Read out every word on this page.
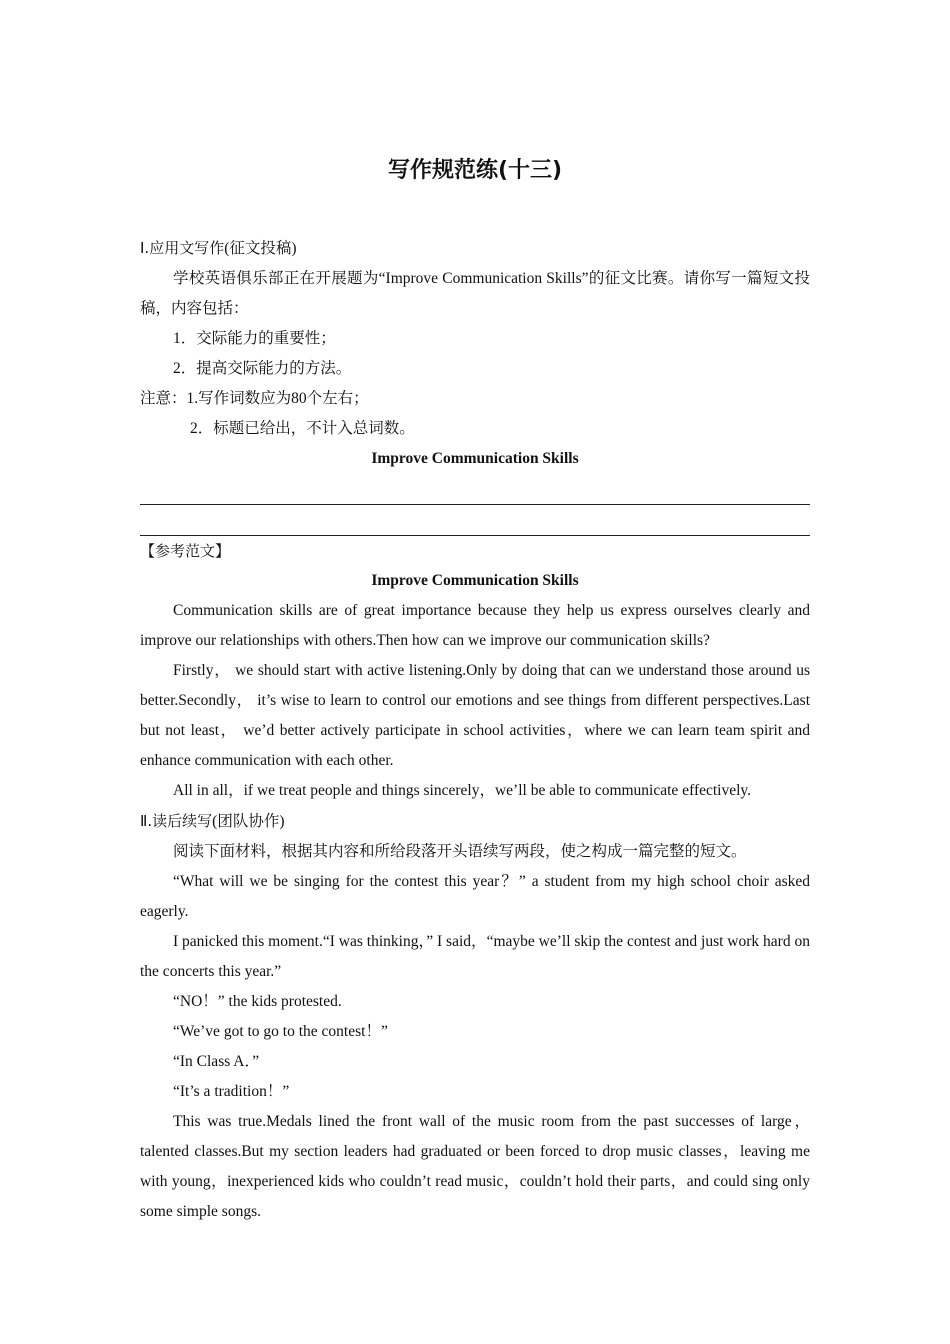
写作规范练(十三)

Ⅰ.应用文写作(征文投稿)

学校英语俱乐部正在开展题为“Improve Communication Skills”的征文比赛。请你写一篇短文投稿，内容包括：

1．交际能力的重要性；

2．提高交际能力的方法。

注意：1.写作词数应为80个左右；

2．标题已给出，不计入总词数。

Improve Communication Skills

【参考范文】

Improve Communication Skills

Communication skills are of great importance because they help us express ourselves clearly and improve our relationships with others.Then how can we improve our communication skills?

Firstly， we should start with active listening.Only by doing that can we understand those around us better.Secondly， it’s wise to learn to control our emotions and see things from different perspectives.Last but not least， we’d better actively participate in school activities，where we can learn team spirit and enhance communication with each other.

All in all，if we treat people and things sincerely，we’ll be able to communicate effectively.

Ⅱ.读后续写(团队协作)

阅读下面材料，根据其内容和所给段落开头语续写两段，使之构成一篇完整的短文。

“What will we be singing for the contest this year？” a student from my high school choir asked eagerly.

I panicked this moment.“I was thinking，” I said，“maybe we’ll skip the contest and just work hard on the concerts this year.”

“NO！” the kids protested.

“We’ve got to go to the contest！”

“In Class A．”

“It’s a tradition！”

This was true.Medals lined the front wall of the music room from the past successes of large， talented classes.But my section leaders had graduated or been forced to drop music classes，leaving me with young，inexperienced kids who couldn’t read music，couldn’t hold their parts，and could sing only some simple songs.
